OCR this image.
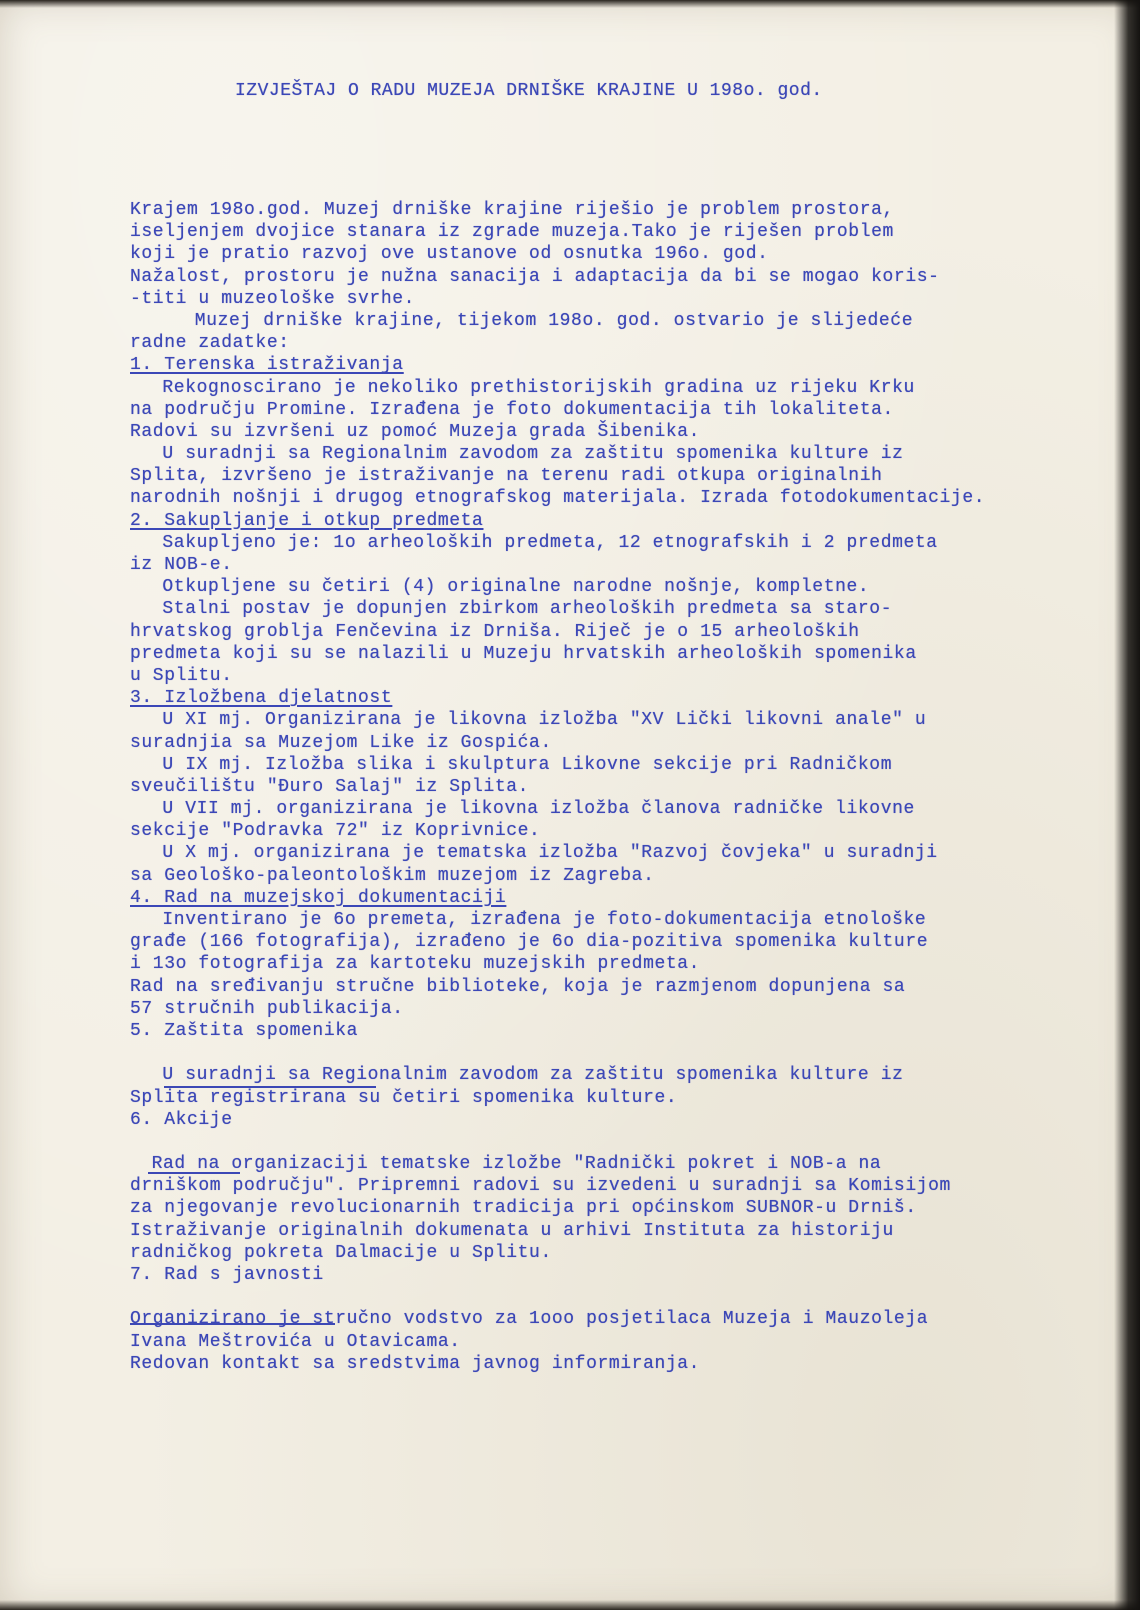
IZVJEŠTAJ O RADU MUZEJA DRNIŠKE KRAJINE U 198o. god.
Krajem 198o.god. Muzej drniške krajine riješio je problem prostora,
iseljenjem dvojice stanara iz zgrade muzeja.Tako je riješen problem
koji je pratio razvoj ove ustanove od osnutka 196o. god.
Nažalost, prostoru je nužna sanacija i adaptacija da bi se mogao koris-
-titi u muzeološke svrhe.
Muzej drniške krajine, tijekom 198o. god. ostvario je slijedeće
radne zadatke:
1. Terenska istraživanja
Rekognoscirano je nekoliko prethistorijskih gradina uz rijeku Krku
na području Promine. Izrađena je foto dokumentacija tih lokaliteta.
Radovi su izvršeni uz pomoć Muzeja grada Šibenika.
U suradnji sa Regionalnim zavodom za zaštitu spomenika kulture iz
Splita, izvršeno je istraživanje na terenu radi otkupa originalnih
narodnih nošnji i drugog etnografskog materijala. Izrada fotodokumentacije.
2. Sakupljanje i otkup predmeta
Sakupljeno je: 1o arheoloških predmeta, 12 etnografskih i 2 predmeta
iz NOB-e.
Otkupljene su četiri (4) originalne narodne nošnje, kompletne.
Stalni postav je dopunjen zbirkom arheoloških predmeta sa staro-
hrvatskog groblja Fenčevina iz Drniša. Riječ je o 15 arheoloških
predmeta koji su se nalazili u Muzeju hrvatskih arheoloških spomenika
u Splitu.
3. Izložbena djelatnost
U XI mj. Organizirana je likovna izložba "XV Lički likovni anale" u
suradnjia sa Muzejom Like iz Gospića.
U IX mj. Izložba slika i skulptura Likovne sekcije pri Radničkom
sveučilištu "Đuro Salaj" iz Splita.
U VII mj. organizirana je likovna izložba članova radničke likovne
sekcije "Podravka 72" iz Koprivnice.
U X mj. organizirana je tematska izložba "Razvoj čovjeka" u suradnji
sa Geološko-paleontološkim muzejom iz Zagreba.
4. Rad na muzejskoj dokumentaciji
Inventirano je 6o premeta, izrađena je foto-dokumentacija etnološke
građe (166 fotografija), izrađeno je 6o dia-pozitiva spomenika kulture
i 13o fotografija za kartoteku muzejskih predmeta.
Rad na sređivanju stručne biblioteke, koja je razmjenom dopunjena sa
57 stručnih publikacija.
5. Zaštita spomenika
U suradnji sa Regionalnim zavodom za zaštitu spomenika kulture iz
Splita registrirana su četiri spomenika kulture.
6. Akcije
Rad na organizaciji tematske izložbe "Radnički pokret i NOB-a na
drniškom području". Pripremni radovi su izvedeni u suradnji sa Komisijom
za njegovanje revolucionarnih tradicija pri općinskom SUBNOR-u Drniš.
Istraživanje originalnih dokumenata u arhivi Instituta za historiju
radničkog pokreta Dalmacije u Splitu.
7. Rad s javnosti
Organizirano je stručno vodstvo za 1ooo posjetilaca Muzeja i Mauzoleja
Ivana Meštrovića u Otavicama.
Redovan kontakt sa sredstvima javnog informiranja.
